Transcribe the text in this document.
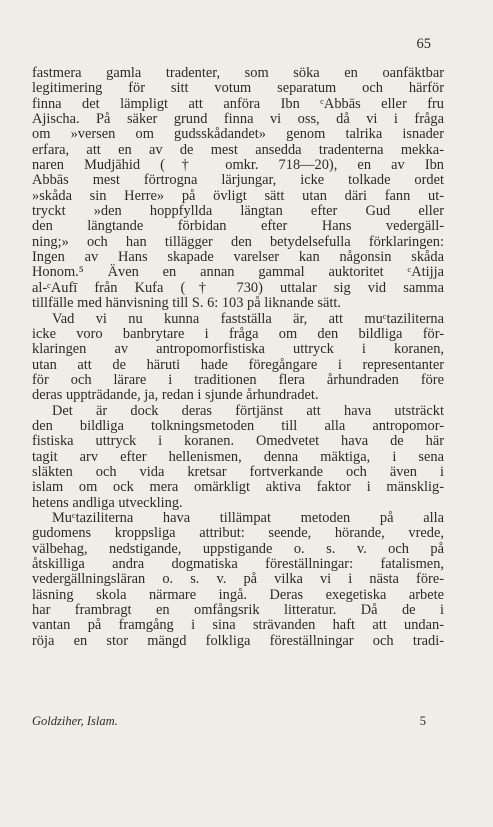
65
fastmera gamla tradenter, som söka en oanfäktbar
legitimering för sitt votum separatum och härför
finna det lämpligt att anföra Ibn ᶜAbbās eller fru
Ajischa. På säker grund finna vi oss, då vi i fråga
om »versen om gudsskådandet» genom talrika isnader
erfara, att en av de mest ansedda tradenterna mekka-
naren Mudjāhid († omkr. 718—20), en av Ibn
Abbās mest förtrogna lärjungar, icke tolkade ordet
»skåda sin Herre» på övligt sätt utan däri fann ut-
tryckt »den hoppfyllda längtan efter Gud eller
den längtande förbidan efter Hans vedergäll-
ning;» och han tillägger den betydelsefulla förklaringen:
Ingen av Hans skapade varelser kan någonsin skåda
Honom.⁵ Även en annan gammal auktoritet ᶜAtijja
al-ᶜAufī från Kufa († 730) uttalar sig vid samma
tillfälle med hänvisning till S. 6: 103 på liknande sätt.
Vad vi nu kunna fastställa är, att muᶜtaziliterna
icke voro banbrytare i fråga om den bildliga för-
klaringen av antropomorfistiska uttryck i koranen,
utan att de häruti hade föregångare i representanter
för och lärare i traditionen flera århundraden före
deras uppträdande, ja, redan i sjunde århundradet.
Det är dock deras förtjänst att hava utsträckt
den bildliga tolkningsmetoden till alla antropomor-
fistiska uttryck i koranen. Omedvetet hava de här
tagit arv efter hellenismen, denna mäktiga, i sena
släkten och vida kretsar fortverkande och även i
islam om ock mera omärkligt aktiva faktor i mänsklig-
hetens andliga utveckling.
Muᶜtaziliterna hava tillämpat metoden på alla
gudomens kroppsliga attribut: seende, hörande, vrede,
välbehag, nedstigande, uppstigande o. s. v. och på
åtskilliga andra dogmatiska föreställningar: fatalismen,
vedergällningsläran o. s. v. på vilka vi i nästa före-
läsning skola närmare ingå. Deras exegetiska arbete
har frambragt en omfångsrik litteratur. Då de i
vantan på framgång i sina strävanden haft att undan-
röja en stor mängd folkliga föreställningar och tradi-
Goldziher, Islam.	5
